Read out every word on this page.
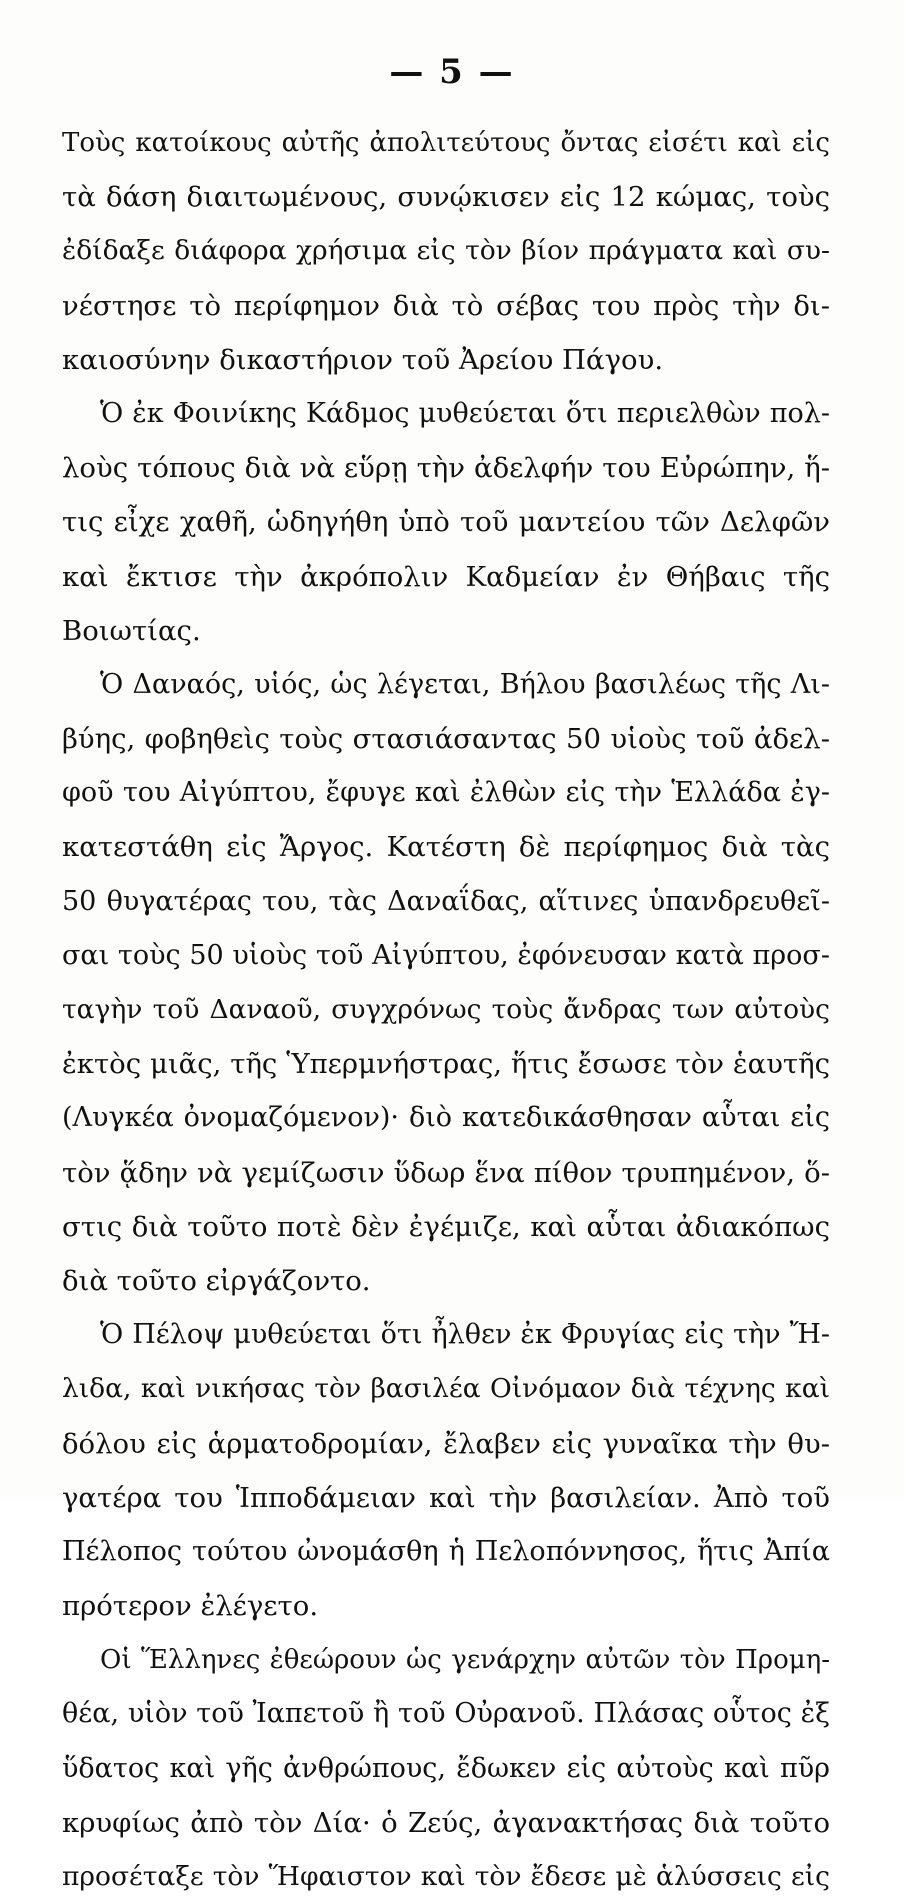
— 5 —
Τοὺς κατοίκους αὐτῆς ἀπολιτεύτους ὄντας εἰσέτι καὶ εἰς
τὰ δάση διαιτωμένους, συνῴκισεν εἰς 12 κώμας, τοὺς
ἐδίδαξε διάφορα χρήσιμα εἰς τὸν βίον πράγματα καὶ συ-
νέστησε τὸ περίφημον διὰ τὸ σέβας του πρὸς τὴν δι-
καιοσύνην δικαστήριον τοῦ Ἀρείου Πάγου.
Ὁ ἐκ Φοινίκης Κάδμος μυθεύεται ὅτι περιελθὼν πολ-
λοὺς τόπους διὰ νὰ εὕρῃ τὴν ἀδελφήν του Εὐρώπην, ἥ-
τις εἶχε χαθῆ, ὡδηγήθη ὑπὸ τοῦ μαντείου τῶν Δελφῶν
καὶ ἔκτισε τὴν ἀκρόπολιν Καδμείαν ἐν Θήβαις τῆς
Βοιωτίας.
Ὁ Δαναός, υἱός, ὡς λέγεται, Βήλου βασιλέως τῆς Λι-
βύης, φοβηθεὶς τοὺς στασιάσαντας 50 υἱοὺς τοῦ ἀδελ-
φοῦ του Αἰγύπτου, ἔφυγε καὶ ἐλθὼν εἰς τὴν Ἑλλάδα ἐγ-
κατεστάθη εἰς Ἄργος. Κατέστη δὲ περίφημος διὰ τὰς
50 θυγατέρας του, τὰς Δαναΐδας, αἵτινες ὑπανδρευθεῖ-
σαι τοὺς 50 υἱοὺς τοῦ Αἰγύπτου, ἐφόνευσαν κατὰ προσ-
ταγὴν τοῦ Δαναοῦ, συγχρόνως τοὺς ἄνδρας των αὐτοὺς
ἐκτὸς μιᾶς, τῆς Ὑπερμνήστρας, ἥτις ἔσωσε τὸν ἑαυτῆς
(Λυγκέα ὀνομαζόμενον)· διὸ κατεδικάσθησαν αὗται εἰς
τὸν ᾅδην νὰ γεμίζωσιν ὕδωρ ἕνα πίθον τρυπημένον, ὅ-
στις διὰ τοῦτο ποτὲ δὲν ἐγέμιζε, καὶ αὗται ἀδιακόπως
διὰ τοῦτο εἰργάζοντο.
Ὁ Πέλοψ μυθεύεται ὅτι ἦλθεν ἐκ Φρυγίας εἰς τὴν Ἤ-
λιδα, καὶ νικήσας τὸν βασιλέα Οἰνόμαον διὰ τέχνης καὶ
δόλου εἰς ἁρματοδρομίαν, ἔλαβεν εἰς γυναῖκα τὴν θυ-
γατέρα του Ἱπποδάμειαν καὶ τὴν βασιλείαν. Ἀπὸ τοῦ
Πέλοπος τούτου ὠνομάσθη ἡ Πελοπόννησος, ἥτις Ἀπία
πρότερον ἐλέγετο.
Οἱ Ἕλληνες ἐθεώρουν ὡς γενάρχην αὐτῶν τὸν Προμη-
θέα, υἱὸν τοῦ Ἰαπετοῦ ἢ τοῦ Οὐρανοῦ. Πλάσας οὗτος ἐξ
ὕδατος καὶ γῆς ἀνθρώπους, ἔδωκεν εἰς αὐτοὺς καὶ πῦρ
κρυφίως ἀπὸ τὸν Δία· ὁ Ζεύς, ἀγανακτήσας διὰ τοῦτο
προσέταξε τὸν Ἥφαιστον καὶ τὸν ἔδεσε μὲ ἁλύσσεις εἰς
